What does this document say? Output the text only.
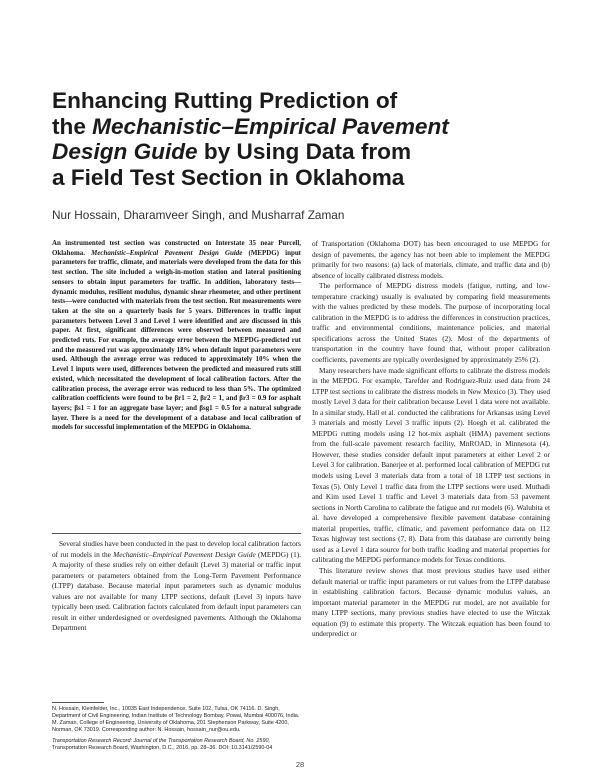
Enhancing Rutting Prediction of
the Mechanistic–Empirical Pavement
Design Guide by Using Data from
a Field Test Section in Oklahoma
Nur Hossain, Dharamveer Singh, and Musharraf Zaman

An instrumented test section was constructed on Interstate 35 near Purcell, Oklahoma. Mechanistic–Empirical Pavement Design Guide (MEPDG) input parameters for traffic, climate, and materials were developed from the data for this test section. The site included a weigh-in-motion station and lateral positioning sensors to obtain input parameters for traffic. In addition, laboratory tests—dynamic modulus, resilient modulus, dynamic shear rheometer, and other pertinent tests—were conducted with materials from the test section. Rut measurements were taken at the site on a quarterly basis for 5 years. Differences in traffic input parameters between Level 3 and Level 1 were identified and are discussed in this paper. At first, significant differences were observed between measured and predicted ruts. For example, the average error between the MEPDG-predicted rut and the measured rut was approximately 18% when default input parameters were used. Although the average error was reduced to approximately 10% when the Level 1 inputs were used, differences between the predicted and measured ruts still existed, which necessitated the development of local calibration factors. After the calibration process, the average error was reduced to less than 5%. The optimized calibration coefficients were found to be βr1 = 2, βr2 = 1, and βr3 = 0.9 for asphalt layers; βs1 = 1 for an aggregate base layer; and βsg1 = 0.5 for a natural subgrade layer. There is a need for the development of a database and local calibration of models for successful implementation of the MEPDG in Oklahoma.

Several studies have been conducted in the past to develop local calibration factors of rut models in the Mechanistic–Empirical Pavement Design Guide (MEPDG) (1). A majority of these studies rely on either default (Level 3) material or traffic input parameters or parameters obtained from the Long-Term Pavement Performance (LTPP) database. Because material input parameters such as dynamic modulus values are not available for many LTPP sections, default (Level 3) inputs have typically been used. Calibration factors calculated from default input parameters can result in either underdesigned or overdesigned pavements. Although the Oklahoma Department

N. Hossain, Kleinfelder, Inc., 10035 East Independence, Suite 102, Tulsa, OK 74116. D. Singh, Department of Civil Engineering, Indian Institute of Technology Bombay, Powai, Mumbai 400076, India. M. Zaman, College of Engineering, University of Oklahoma, 201 Stephenson Parkway, Suite 4200, Norman, OK 73019. Corresponding author: N. Hossain, hossain_nur@ou.edu.

Transportation Research Record: Journal of the Transportation Research Board, No. 2590, Transportation Research Board, Washington, D.C., 2016, pp. 28–36. DOI: 10.3141/2590-04

of Transportation (Oklahoma DOT) has been encouraged to use MEPDG for design of pavements, the agency has not been able to implement the MEPDG primarily for two reasons: (a) lack of materials, climate, and traffic data and (b) absence of locally calibrated distress models.

The performance of MEPDG distress models (fatigue, rutting, and low-temperature cracking) usually is evaluated by comparing field measurements with the values predicted by these models. The purpose of incorporating local calibration in the MEPDG is to address the differences in construction practices, traffic and environmental conditions, maintenance policies, and material specifications across the United States (2). Most of the departments of transportation in the country have found that, without proper calibration coefficients, pavements are typically overdesigned by approximately 25% (2).

Many researchers have made significant efforts to calibrate the distress models in the MEPDG. For example, Tarefder and Rodriguez-Ruiz used data from 24 LTPP test sections to calibrate the distress models in New Mexico (3). They used mostly Level 3 data for their calibration because Level 1 data were not available. In a similar study, Hall et al. conducted the calibrations for Arkansas using Level 3 materials and mostly Level 3 traffic inputs (2). Hoegh et al. calibrated the MEPDG rutting models using 12 hot-mix asphalt (HMA) pavement sections from the full-scale pavement research facility, MnROAD, in Minnesota (4). However, these studies consider default input parameters at either Level 2 or Level 3 for calibration. Banerjee et al. performed local calibration of MEPDG rut models using Level 3 materials data from a total of 18 LTPP test sections in Texas (5). Only Level 1 traffic data from the LTPP sections were used. Muthadi and Kim used Level 1 traffic and Level 3 materials data from 53 pavement sections in North Carolina to calibrate the fatigue and rut models (6). Walubita et al. have developed a comprehensive flexible pavement database containing material properties, traffic, climatic, and pavement performance data on 112 Texas highway test sections (7, 8). Data from this database are currently being used as a Level 1 data source for both traffic loading and material properties for calibrating the MEPDG performance models for Texas conditions.

This literature review shows that most previous studies have used either default material or traffic input parameters or rut values from the LTPP database in establishing calibration factors. Because dynamic modulus values, an important material parameter in the MEPDG rut model, are not available for many LTPP sections, many previous studies have elected to use the Witczak equation (9) to estimate this property. The Witczak equation has been found to underpredict or

28
